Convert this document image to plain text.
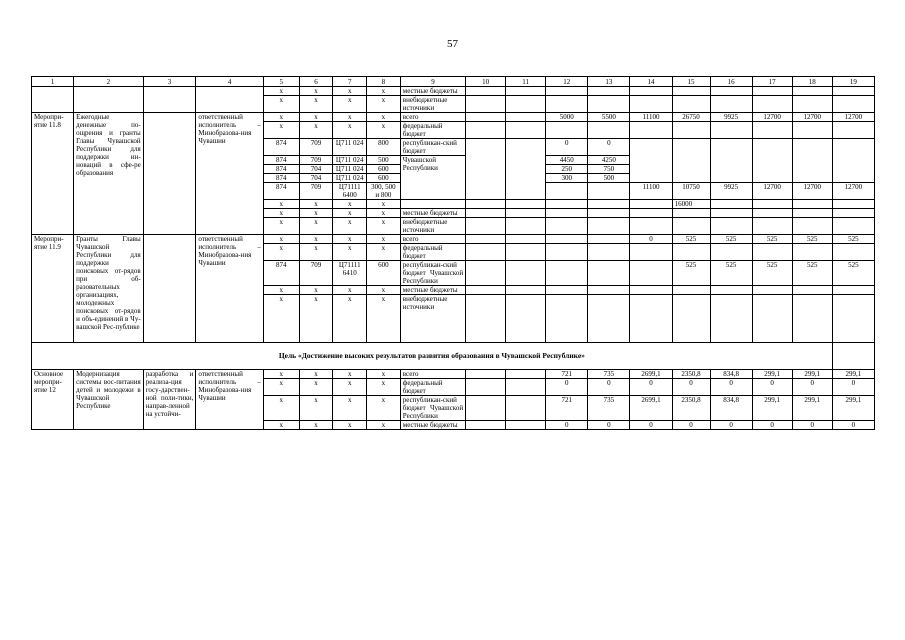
57
1	2	3	4	5	6	7	8	9	10	11	12	13	14	15	16	17	18	19
				х	х	х	х	местные бюджеты										
				х	х	х	х	внебюджетные источники										
Меропри-ятие 11.8	Ежегодные денежные по-ощрения и гранты Главы Чувашской Республики для поддержки ин-новаций в сфе-ре образования		ответственный исполнитель – Минобразова-ния Чувашии	х	х	х	х	всего			5000	5500	11100	26750	9925	12700	12700	12700
				х	х	х	х	федеральный бюджет										
				874	709	Ц711 024	800	республикан-ский бюджет			0	0						
				874	709	Ц711 024	500	Чувашской Республики			4450	4250						
				874	704	Ц711 024	600				250	750						
				874	704	Ц711 024	600				300	500						
				874	709	Ц71111 6400	300, 500 и 800						11100	10750	9925	12700	12700	12700
				х	х	х	х							16000				
				х	х	х	х	местные бюджеты										
				х	х	х	х	внебюджетные источники										
Меропри-ятие 11.9	Гранты Главы Чувашской Республики для поддержки поисковых от-рядов при об-разовательных организациях, молодежных поисковых от-рядов и объ-единений в Чу-вашской Рес-публике		ответственный исполнитель – Минобразова-ния Чувашии	х	х	х	х	всего					0	525	525	525	525	525
				х	х	х	х	федеральный бюджет										
				874	709	Ц71111 6410	600	республикан-ский бюджет Чувашской Республики						525	525	525	525	525
				х	х	х	х	местные бюджеты										
				х	х	х	х	внебюджетные источники										
Цель «Достижение высоких результатов развития образования в Чувашской Республике»																		
Основное меропри-ятие 12	Модернизация системы вос-питания детей и молодежи в Чувашской Республике	разработка и реализа-ция госу-дарствен-ной поли-тики, направ-ленной на устойчи-	ответственный исполнитель – Минобразова-ния Чувашии	х	х	х	х	всего			721	735	2699,1	2350,8	834,8	299,1	299,1	299,1
				х	х	х	х	федеральный бюджет			0	0	0	0	0	0	0	0
				х	х	х	х	республикан-ский бюджет Чувашской Республики			721	735	2699,1	2350,8	834,8	299,1	299,1	299,1
				х	х	х	х	местные бюджеты			0	0	0	0	0	0	0	0
